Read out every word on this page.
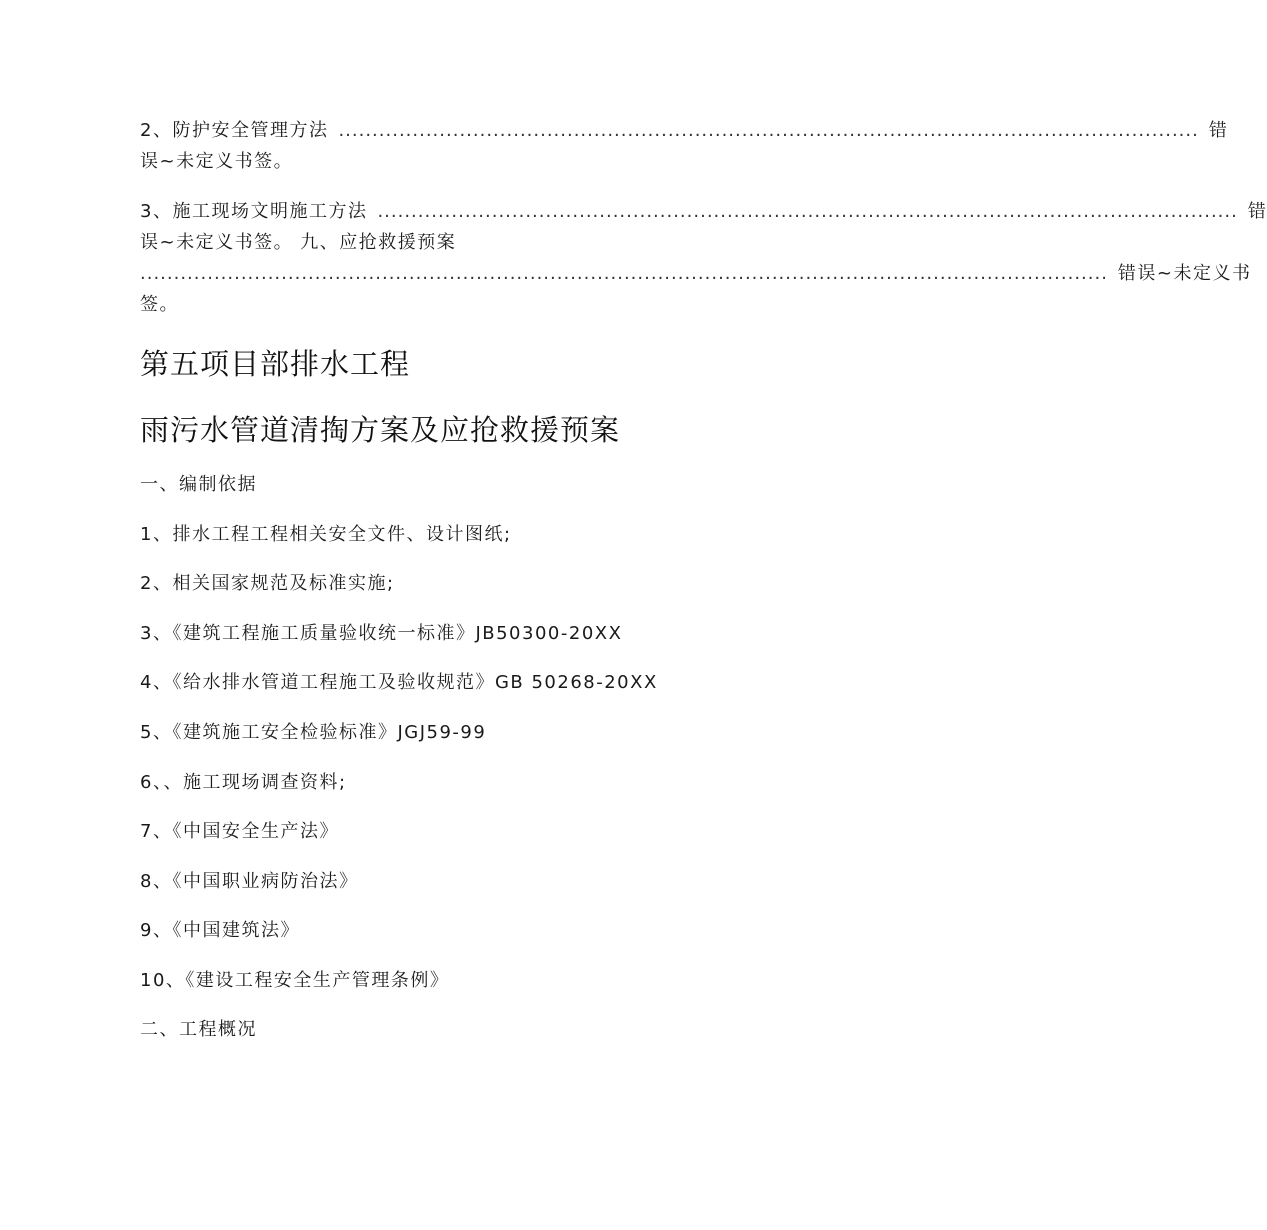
2、防护安全管理方法 ................................................................................................................................ 错
误~未定义书签。
3、施工现场文明施工方法 ................................................................................................................................ 错
误~未定义书签。 九、应抢救援预案
................................................................................................................................................ 错误~未定义书
签。
第五项目部排水工程
雨污水管道清掏方案及应抢救援预案
一、编制依据
1、排水工程工程相关安全文件、设计图纸;
2、相关国家规范及标准实施;
3、《建筑工程施工质量验收统一标准》JB50300-20XX
4、《给水排水管道工程施工及验收规范》GB 50268-20XX
5、《建筑施工安全检验标准》JGJ59-99
6、、施工现场调查资料;
7、《中国安全生产法》
8、《中国职业病防治法》
9、《中国建筑法》
10、《建设工程安全生产管理条例》
二、工程概况
